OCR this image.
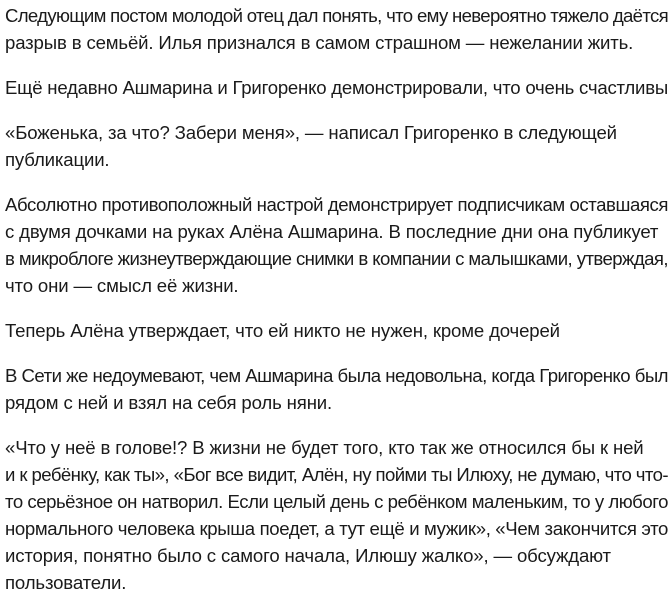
Следующим постом молодой отец дал понять, что ему невероятно тяжело даётся
разрыв в семьёй. Илья признался в самом страшном — нежелании жить.

Ещё недавно Ашмарина и Григоренко демонстрировали, что очень счастливы

«Боженька, за что? Забери меня», — написал Григоренко в следующей
публикации.

Абсолютно противоположный настрой демонстрирует подписчикам оставшаяся
с двумя дочками на руках Алёна Ашмарина. В последние дни она публикует
в микроблоге жизнеутверждающие снимки в компании с малышками, утверждая,
что они — смысл её жизни.

Теперь Алёна утверждает, что ей никто не нужен, кроме дочерей

В Сети же недоумевают, чем Ашмарина была недовольна, когда Григоренко был
рядом с ней и взял на себя роль няни.

«Что у неё в голове!? В жизни не будет того, кто так же относился бы к ней
и к ребёнку, как ты», «Бог все видит, Алён, ну пойми ты Илюху, не думаю, что что-
то серьёзное он натворил. Если целый день с ребёнком маленьким, то у любого
нормального человека крыша поедет, а тут ещё и мужик», «Чем закончится это
история, понятно было с самого начала, Илюшу жалко», — обсуждают
пользователи.
